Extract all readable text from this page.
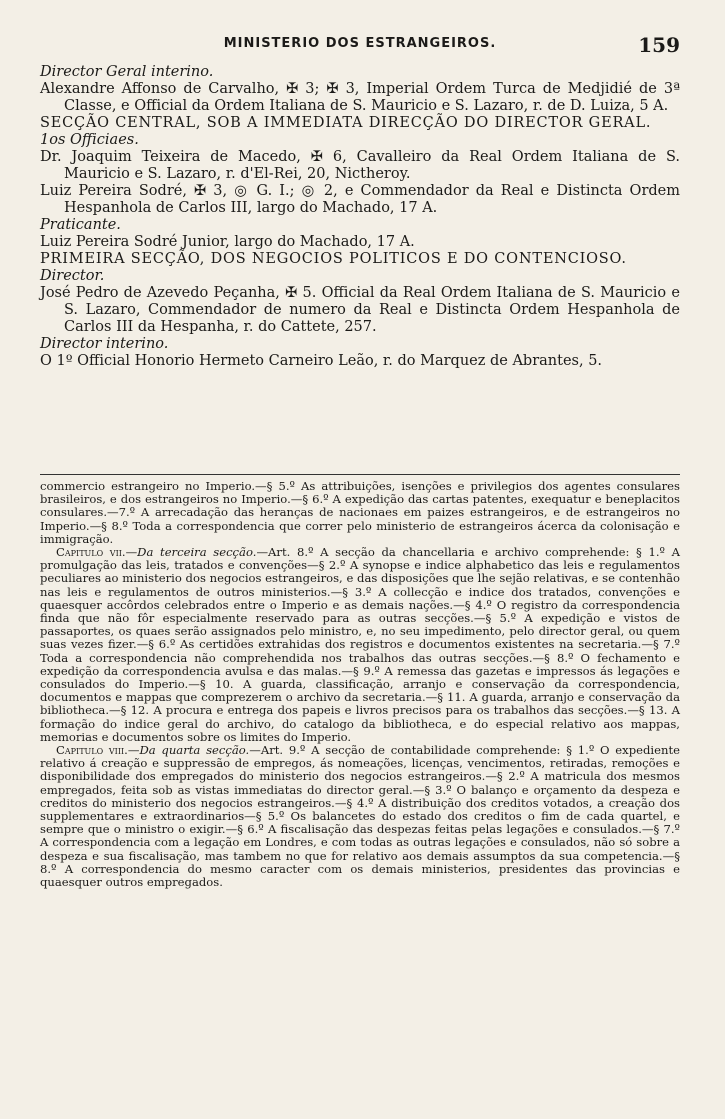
MINISTERIO DOS ESTRANGEIROS.	159

Director Geral interino.

Alexandre Affonso de Carvalho, ✠ 3; ✠ 3, Imperial Ordem Turca de Medjidié de 3ª Classe, e Official da Ordem Italiana de S. Mauricio e S. Lazaro, r. de D. Luiza, 5 A.

SECÇÃO CENTRAL, SOB A IMMEDIATA DIRECÇÃO DO DIRECTOR GERAL.

1os Officiaes.

Dr. Joaquim Teixeira de Macedo, ✠ 6, Cavalleiro da Real Ordem Italiana de S. Mauricio e S. Lazaro, r. d'El-Rei, 20, Nictheroy.

Luiz Pereira Sodré, ✠ 3, ◎ G. I.; ◎ 2, e Commendador da Real e Distincta Ordem Hespanhola de Carlos III, largo do Machado, 17 A.

Praticante.

Luiz Pereira Sodré Junior, largo do Machado, 17 A.

PRIMEIRA SECÇÃO, DOS NEGOCIOS POLITICOS E DO CONTENCIOSO.

Director.

José Pedro de Azevedo Peçanha, ✠ 5. Official da Real Ordem Italiana de S. Mauricio e S. Lazaro, Commendador de numero da Real e Distincta Ordem Hespanhola de Carlos III da Hespanha, r. do Cattete, 257.

Director interino.

O 1º Official Honorio Hermeto Carneiro Leão, r. do Marquez de Abrantes, 5.

commercio estrangeiro no Imperio.—§ 5.º As attribuições, isenções e privilegios dos agentes consulares brasileiros, e dos estrangeiros no Imperio.—§ 6.º A expedição das cartas patentes, exequatur e beneplacitos consulares.—7.º A arrecadação das heranças de nacionaes em paizes estrangeiros, e de estrangeiros no Imperio.—§ 8.º Toda a correspondencia que correr pelo ministerio de estrangeiros ácerca da colonisação e immigração.

Capitulo vii.—Da terceira secção.—Art. 8.º A secção da chancellaria e archivo comprehende: § 1.º A promulgação das leis, tratados e convenções—§ 2.º A synopse e indice alphabetico das leis e regulamentos peculiares ao ministerio dos negocios estrangeiros, e das disposições que lhe sejão relativas, e se contenhão nas leis e regulamentos de outros ministerios.—§ 3.º A collecção e indice dos tratados, convenções e quaesquer accôrdos celebrados entre o Imperio e as demais nações.—§ 4.º O registro da correspondencia finda que não fôr especialmente reservado para as outras secções.—§ 5.º A expedição e vistos de passaportes, os quaes serão assignados pelo ministro, e, no seu impedimento, pelo director geral, ou quem suas vezes fizer.—§ 6.º As certidões extrahidas dos registros e documentos existentes na secretaria.—§ 7.º Toda a correspondencia não comprehendida nos trabalhos das outras secções.—§ 8.º O fechamento e expedição da correspondencia avulsa e das malas.—§ 9.º A remessa das gazetas e impressos ás legações e consulados do Imperio.—§ 10. A guarda, classificação, arranjo e conservação da correspondencia, documentos e mappas que comprezerem o archivo da secretaria.—§ 11. A guarda, arranjo e conservação da bibliotheca.—§ 12. A procura e entrega dos papeis e livros precisos para os trabalhos das secções.—§ 13. A formação do indice geral do archivo, do catalogo da bibliotheca, e do especial relativo aos mappas, memorias e documentos sobre os limites do Imperio.

Capitulo viii.—Da quarta secção.—Art. 9.º A secção de contabilidade comprehende: § 1.º O expediente relativo á creação e suppressão de empregos, ás nomeações, licenças, vencimentos, retiradas, remoções e disponibilidade dos empregados do ministerio dos negocios estrangeiros.—§ 2.º A matricula dos mesmos empregados, feita sob as vistas immediatas do director geral.—§ 3.º O balanço e orçamento da despeza e creditos do ministerio dos negocios estrangeiros.—§ 4.º A distribuição dos creditos votados, a creação dos supplementares e extraordinarios—§ 5.º Os balancetes do estado dos creditos o fim de cada quartel, e sempre que o ministro o exigir.—§ 6.º A fiscalisação das despezas feitas pelas legações e consulados.—§ 7.º A correspondencia com a legação em Londres, e com todas as outras legações e consulados, não só sobre a despeza e sua fiscalisação, mas tambem no que for relativo aos demais assumptos da sua competencia.—§ 8.º A correspondencia do mesmo caracter com os demais ministerios, presidentes das provincias e quaesquer outros empregados.
